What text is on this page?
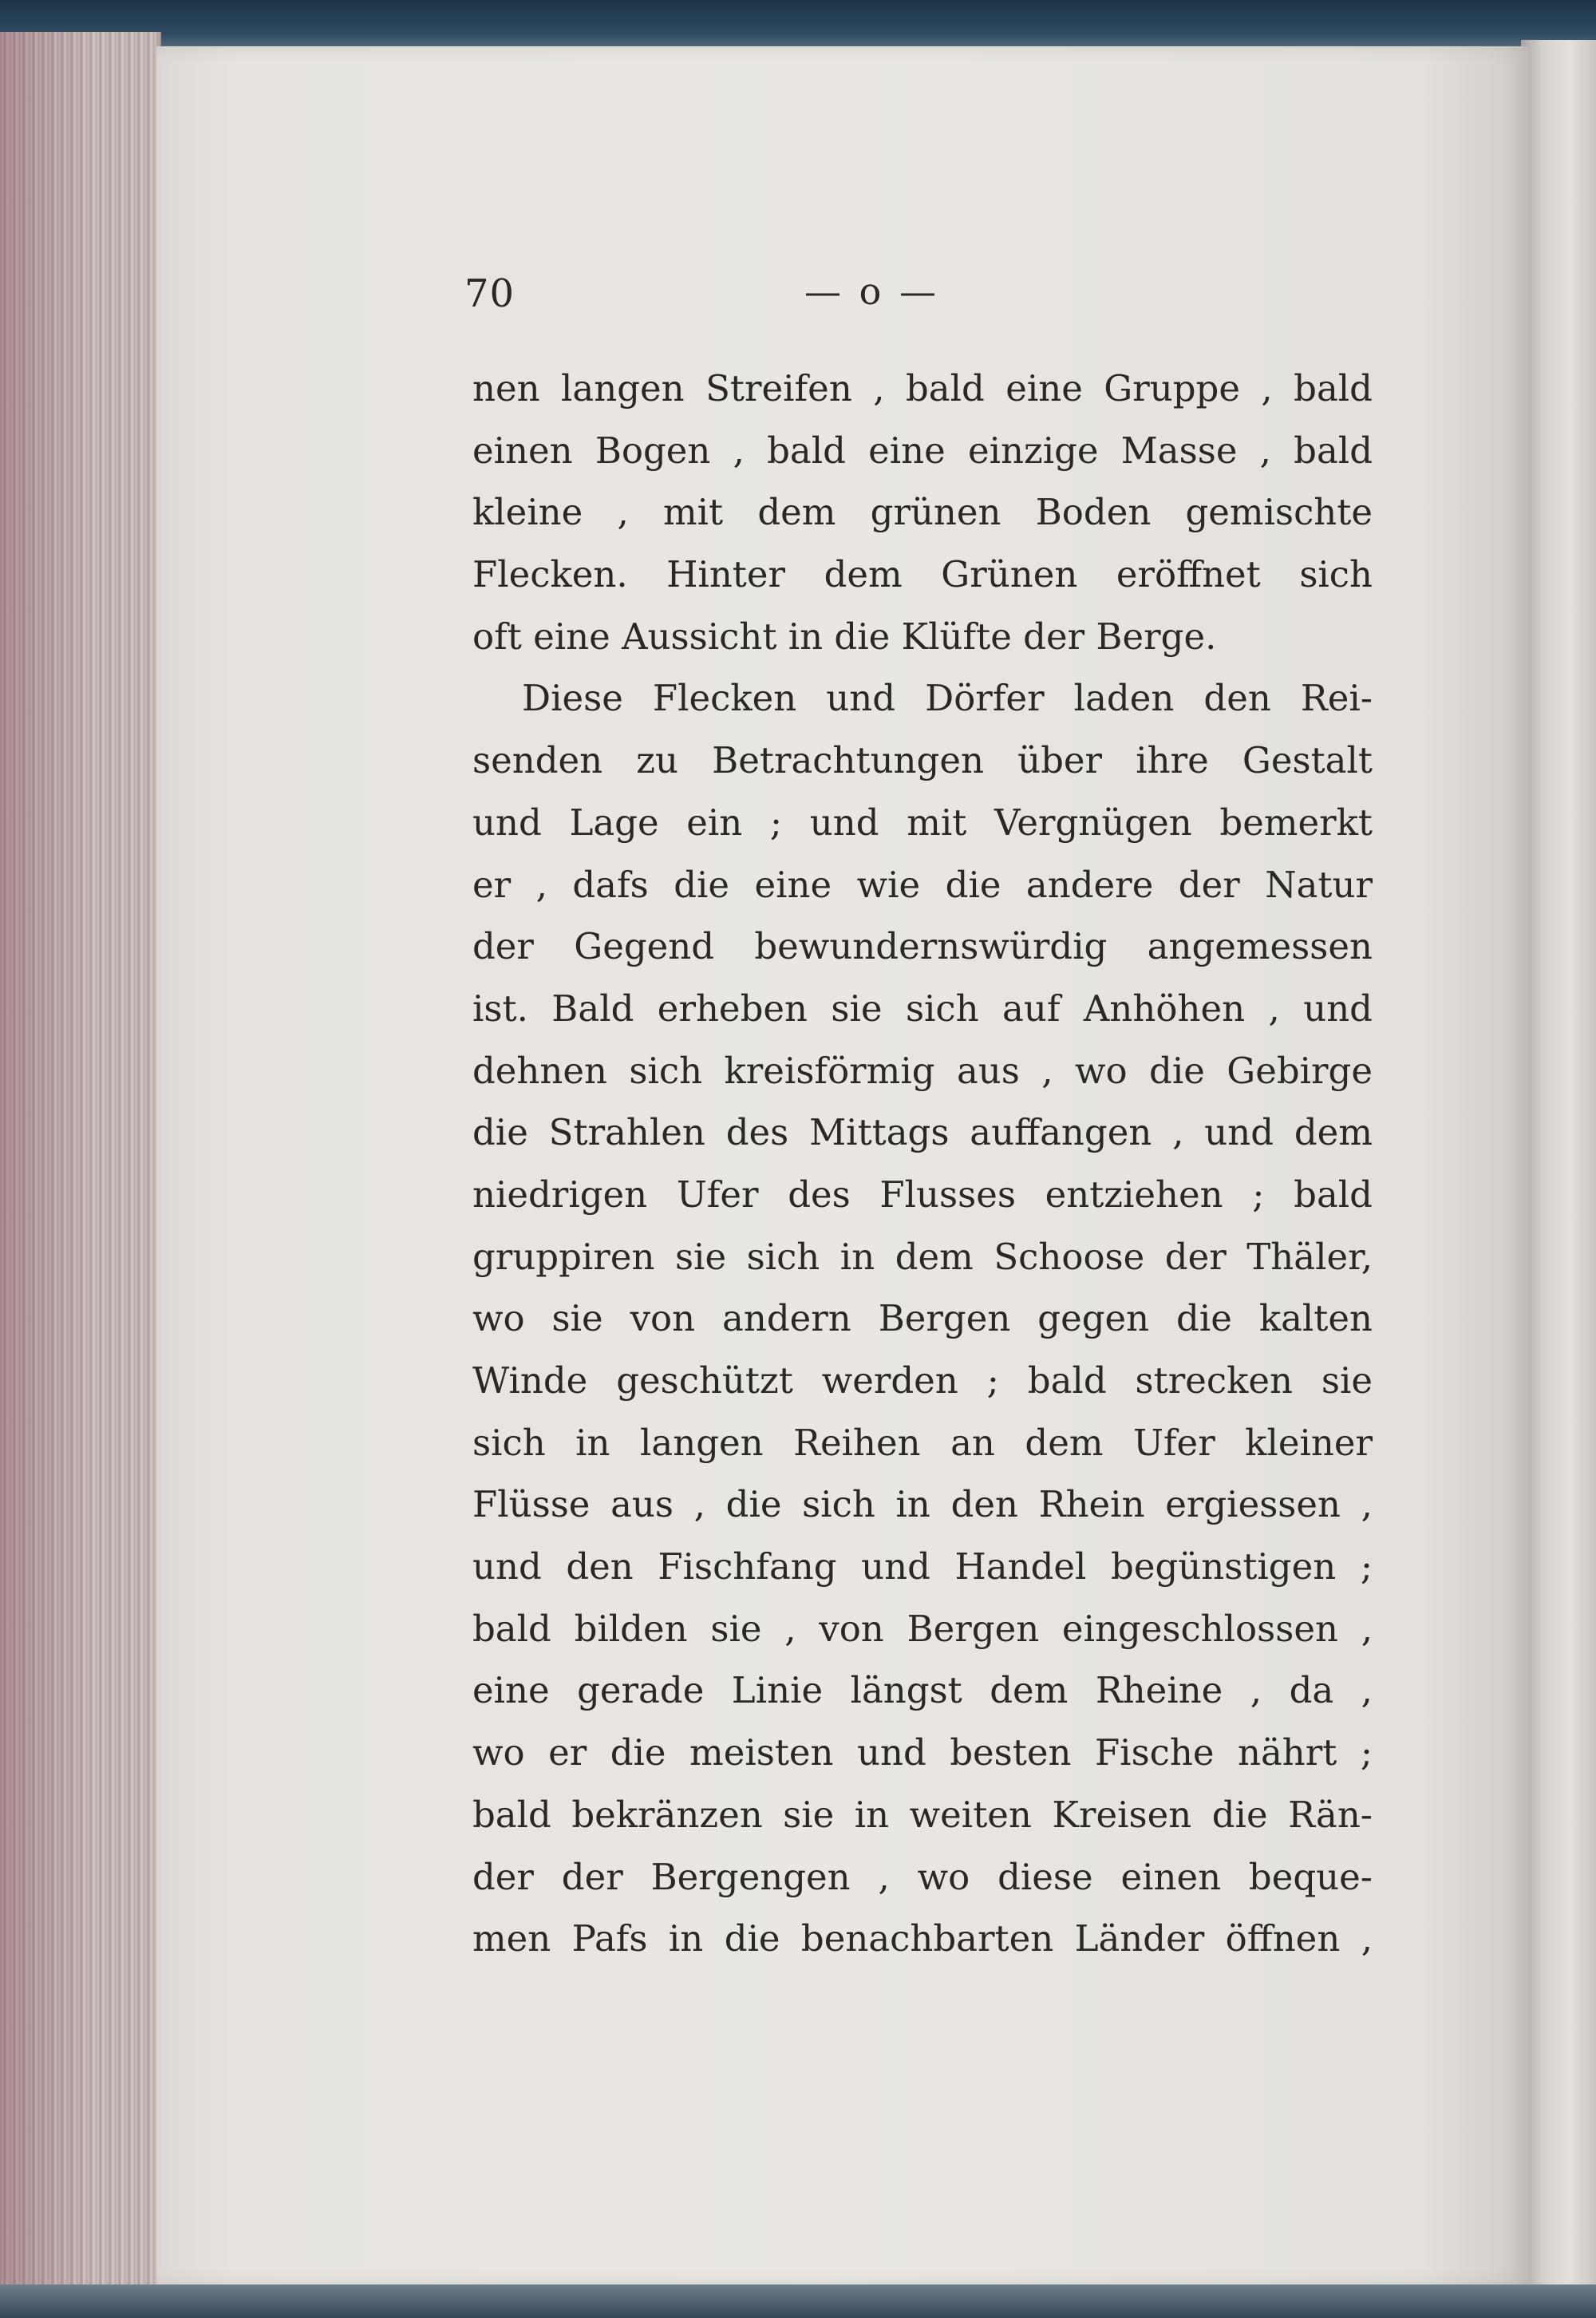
70	— o —
nen langen Streifen , bald eine Gruppe , bald
einen Bogen , bald eine einzige Masse , bald
kleine , mit dem grünen Boden gemischte
Flecken. Hinter dem Grünen eröffnet sich
oft eine Aussicht in die Klüfte der Berge.
Diese Flecken und Dörfer laden den Rei-
senden zu Betrachtungen über ihre Gestalt
und Lage ein ; und mit Vergnügen bemerkt
er , dafs die eine wie die andere der Natur
der Gegend bewundernswürdig angemessen
ist. Bald erheben sie sich auf Anhöhen , und
dehnen sich kreisförmig aus , wo die Gebirge
die Strahlen des Mittags auffangen , und dem
niedrigen Ufer des Flusses entziehen ; bald
gruppiren sie sich in dem Schoose der Thäler,
wo sie von andern Bergen gegen die kalten
Winde geschützt werden ; bald strecken sie
sich in langen Reihen an dem Ufer kleiner
Flüsse aus , die sich in den Rhein ergiessen ,
und den Fischfang und Handel begünstigen ;
bald bilden sie , von Bergen eingeschlossen ,
eine gerade Linie längst dem Rheine , da ,
wo er die meisten und besten Fische nährt ;
bald bekränzen sie in weiten Kreisen die Rän-
der der Bergengen , wo diese einen beque-
men Pafs in die benachbarten Länder öffnen ,
